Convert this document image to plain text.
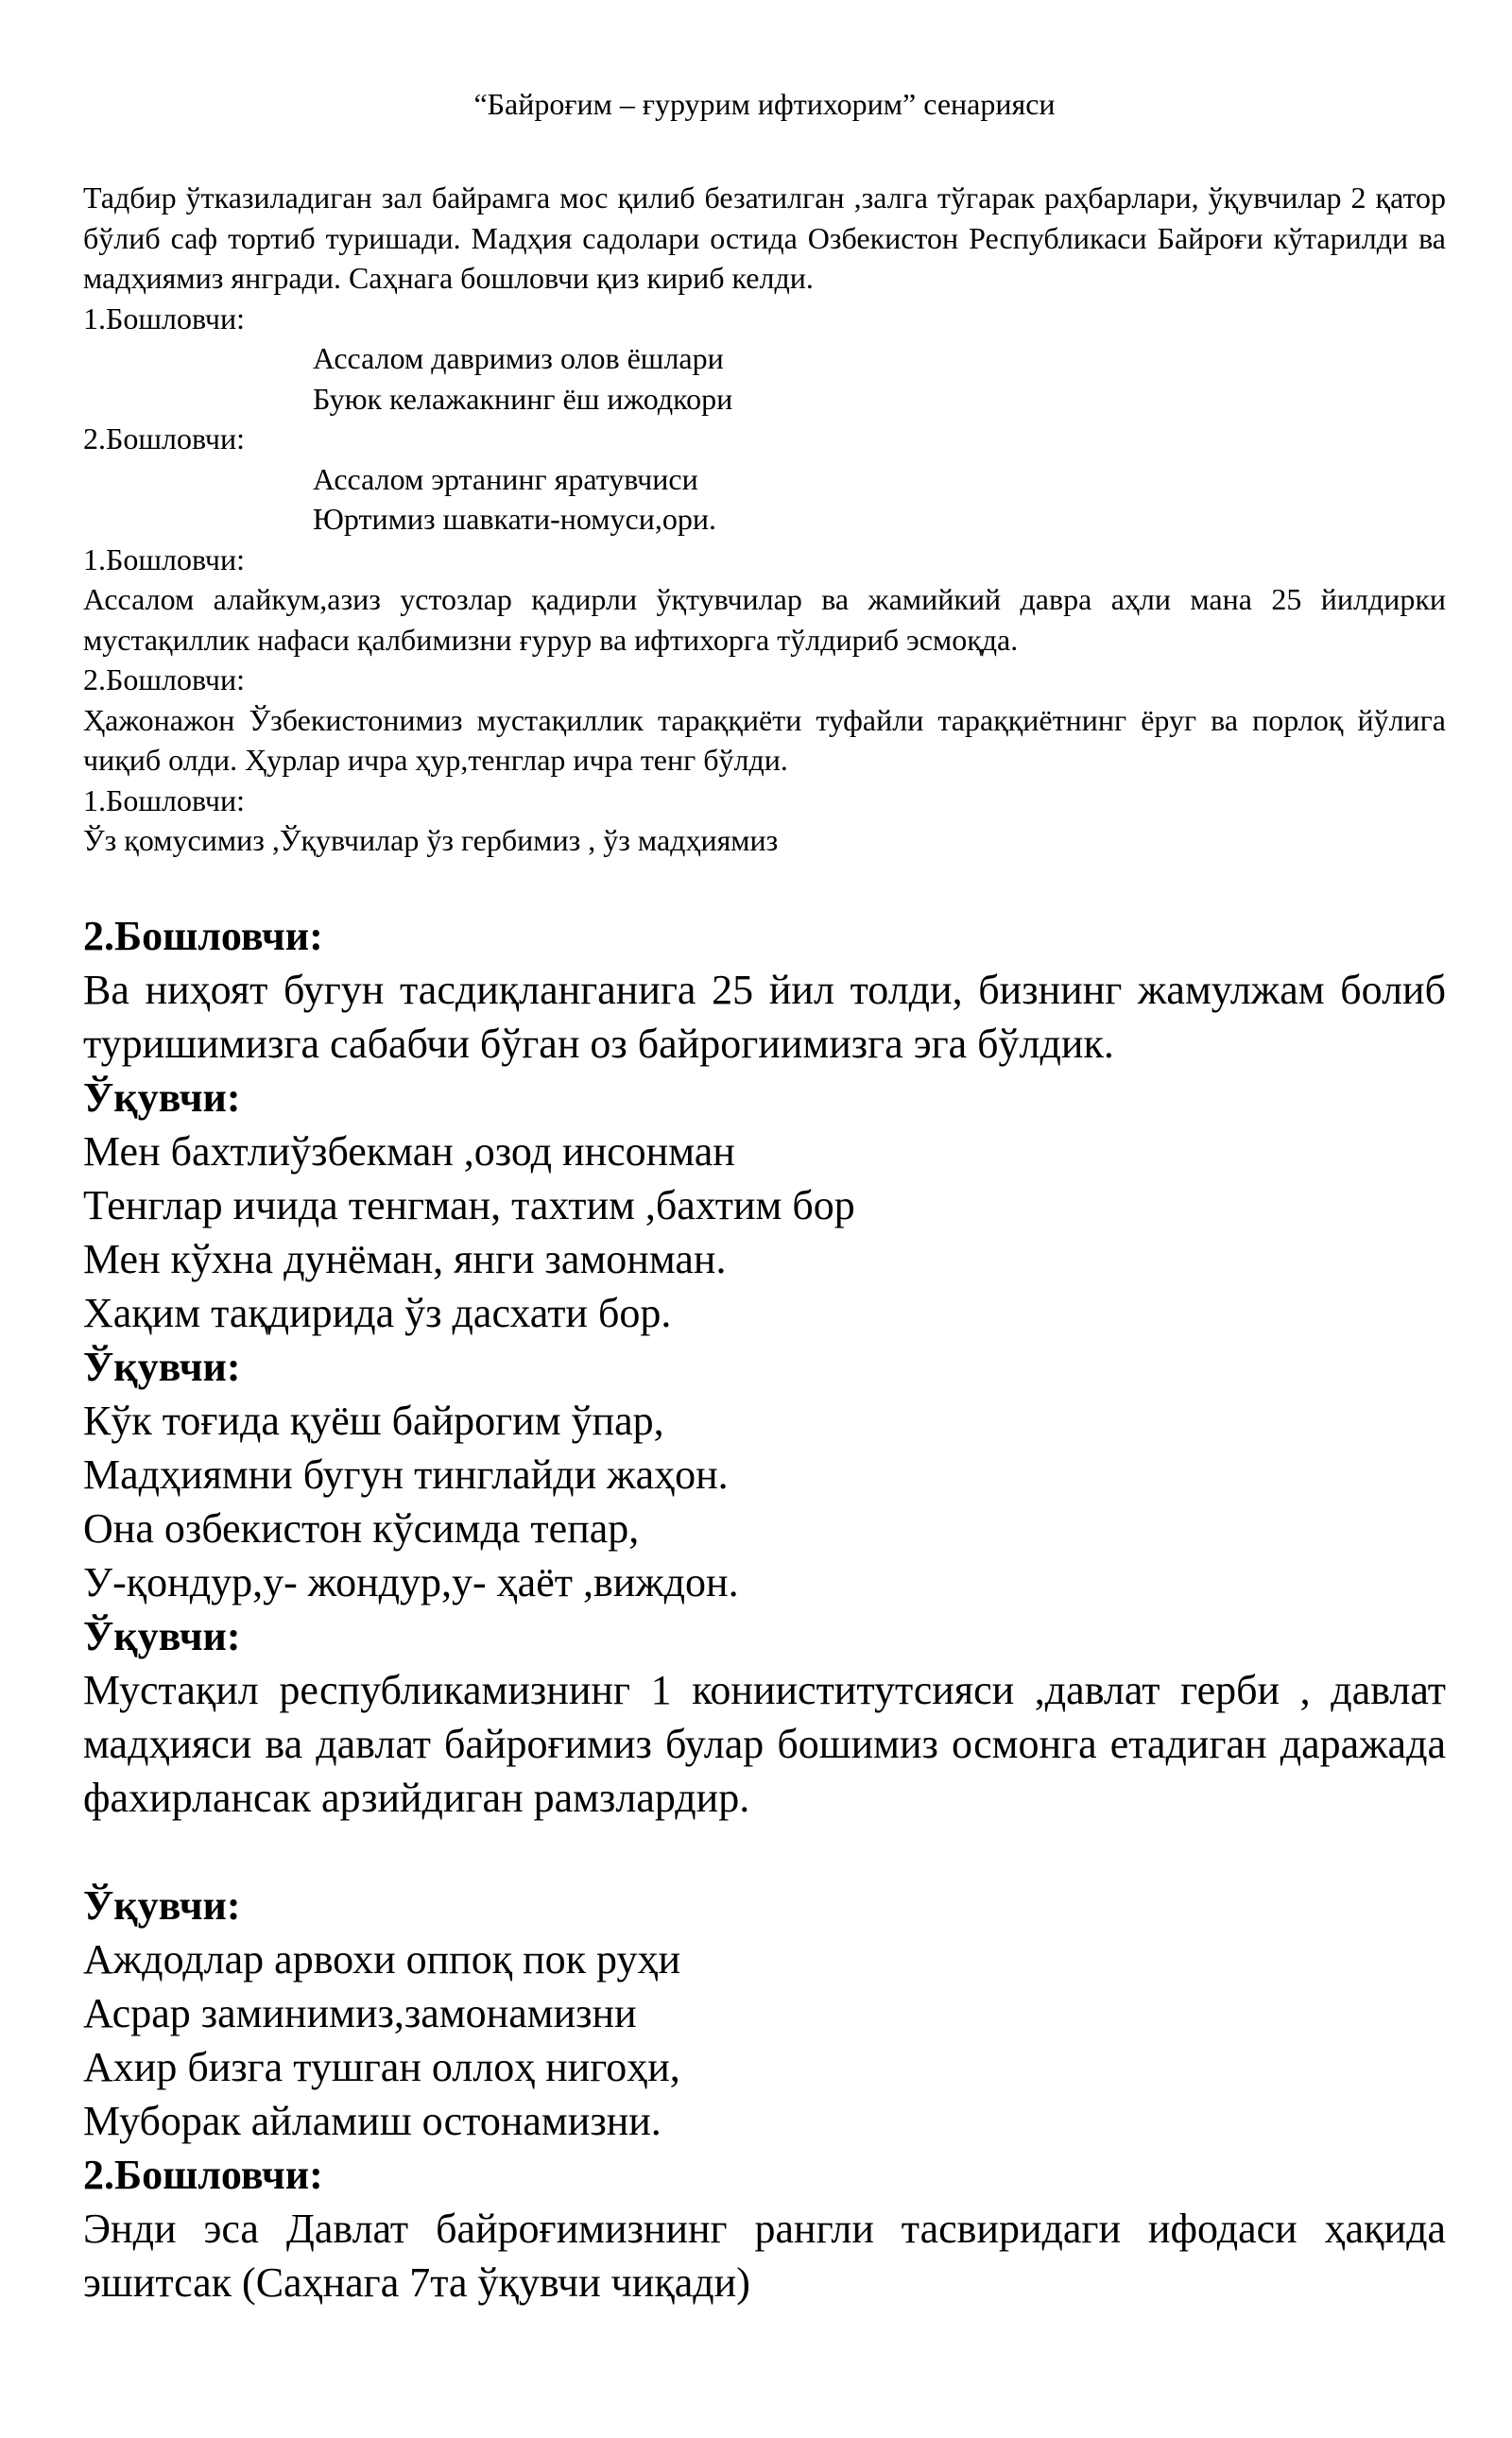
“Байроғим – ғурурим ифтихорим” сенарияси

Тадбир ўтказиладиган зал байрамга мос қилиб безатилган ,залга тўгарак раҳбарлари, ўқувчилар 2 қатор бўлиб саф тортиб туришади. Мадҳия садолари остида Озбекистон Республикаси Байроғи кўтарилди ва мадҳиямиз янгради. Саҳнага бошловчи қиз кириб келди.

1.Бошловчи:

Ассалом давримиз олов ёшлари

Буюк келажакнинг ёш ижодкори

2.Бошловчи:

Ассалом эртанинг яратувчиси

Юртимиз шавкати-номуси,ори.

1.Бошловчи:

Ассалом алайкум,азиз устозлар қадирли ўқтувчилар ва жамийкий давра аҳли мана 25 йилдирки мустақиллик нафаси қалбимизни ғурур ва ифтихорга тўлдириб эсмоқда.

2.Бошловчи:

Ҳажонажон Ўзбекистонимиз мустақиллик тараққиёти туфайли тараққиётнинг ёруг ва порлоқ йўлига чиқиб олди. Ҳурлар ичра ҳур,тенглар ичра тенг бўлди.

1.Бошловчи:

Ўз қомусимиз ,Ўқувчилар ўз гербимиз , ўз мадҳиямиз

2.Бошловчи:

Ва ниҳоят бугун тасдиқланганига 25 йил толди, бизнинг жамулжам болиб туришимизга сабабчи бўган оз байрогиимизга эга бўлдик.

Ўқувчи:

Мен бахтлиўзбекман ,озод инсонман

Тенглар ичида тенгман, тахтим ,бахтим бор

Мен кўхна дунёман, янги замонман.

Хақим тақдирида ўз дасхати бор.

Ўқувчи:

Кўк тоғида қуёш байрогим ўпар,

Мадҳиямни бугун тинглайди жаҳон.

Она озбекистон кўсимда тепар,

У-қондур,у- жондур,у- ҳаёт ,виждон.

Ўқувчи:

Мустақил республикамизнинг 1 конииститутсияси ,давлат герби , давлат мадҳияси ва давлат байроғимиз булар бошимиз осмонга етадиган даражада фахирлансак арзийдиган рамзлардир.

Ўқувчи:

Аждодлар арвохи оппоқ пок руҳи

Асрар заминимиз,замонамизни

Ахир бизга тушган оллоҳ нигоҳи,

Муборак айламиш остонамизни.

2.Бошловчи:

Энди эса Давлат байроғимизнинг рангли тасвиридаги ифодаси ҳақида эшитсак (Саҳнага 7та ўқувчи чиқади)
